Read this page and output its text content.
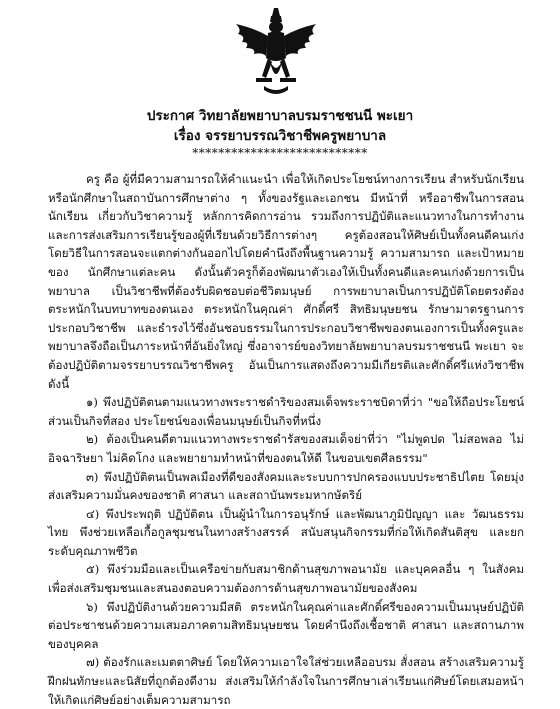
ประกาศ วิทยาลัยพยาบาลบรมราชชนนี พะเยา
เรื่อง จรรยาบรรณวิชาชีพครูพยาบาล
***************************

ครู คือ ผู้ที่มีความสามารถให้คำแนะนำ เพื่อให้เกิดประโยชน์ทางการเรียน สำหรับนักเรียน หรือนักศึกษาในสถาบันการศึกษาต่าง ๆ ทั้งของรัฐและเอกชน มีหน้าที่ หรืออาชีพในการสอนนักเรียน เกี่ยวกับวิชาความรู้ หลักการคิดการอ่าน รวมถึงการปฏิบัติและแนวทางในการทำงาน และการส่งเสริมการเรียนรู้ของผู้ที่เรียนด้วยวิธีการต่างๆ ครูต้องสอนให้ศิษย์เป็นทั้งคนดีคนเก่ง โดยวิธีในการสอนจะแตกต่างกันออกไปโดยคำนึงถึงพื้นฐานความรู้ ความสามารถ และเป้าหมายของ นักศึกษาแต่ละคน ดังนั้นตัวครูก็ต้องพัฒนาตัวเองให้เป็นทั้งคนดีและคนเก่งด้วยการเป็นพยาบาล เป็นวิชาชีพที่ต้องรับผิดชอบต่อชีวิตมนุษย์ การพยาบาลเป็นการปฏิบัติโดยตรงต้องตระหนักในบทบาทของตนเอง ตระหนักในคุณค่า ศักดิ์ศรี สิทธิมนุษยชน รักษามาตรฐานการประกอบวิชาชีพ และธำรงไว้ซึ่งอันชอบธรรมในการประกอบวิชาชีพของตนเองการเป็นทั้งครูและพยาบาลจึงถือเป็นภาระหน้าที่อันยิ่งใหญ่ ซึ่งอาจารย์ของวิทยาลัยพยาบาลบรมราชชนนี พะเยา จะต้องปฏิบัติตามจรรยาบรรณวิชาชีพครู อันเป็นการแสดงถึงความมีเกียรติและศักดิ์ศรีแห่งวิชาชีพ ดังนี้

๑) พึงปฏิบัติตนตามแนวทางพระราชดำริของสมเด็จพระราชบิดาที่ว่า "ขอให้ถือประโยชน์ส่วนเป็นกิจที่สอง ประโยชน์ของเพื่อนมนุษย์เป็นกิจที่หนึ่ง

๒) ต้องเป็นคนดีตามแนวทางพระราชดำรัสของสมเด็จย่าที่ว่า "ไม่พูดปด ไม่สอพลอ ไม่อิจฉาริษยา ไม่คิดโกง และพยายามทำหน้าที่ของตนให้ดี ในขอบเขตศีลธรรม"

๓) พึงปฏิบัติตนเป็นพลเมืองที่ดีของสังคมและระบบการปกครองแบบประชาธิปไตย โดยมุ่งส่งเสริมความมั่นคงของชาติ ศาสนา และสถาบันพระมหากษัตริย์

๔) พึงประพฤติ ปฏิบัติตน เป็นผู้นำในการอนุรักษ์ และพัฒนาภูมิปัญญา และ วัฒนธรรมไทย พึงช่วยเหลือเกื้อกูลชุมชนในทางสร้างสรรค์ สนับสนุนกิจกรรมที่ก่อให้เกิดสันติสุข และยกระดับคุณภาพชีวิต

๕) พึงร่วมมือและเป็นเครือข่ายกับสมาชิกด้านสุขภาพอนามัย และบุคคลอื่น ๆ ในสังคม เพื่อส่งเสริมชุมชนและสนองตอบความต้องการด้านสุขภาพอนามัยของสังคม

๖) พึงปฏิบัติงานด้วยความมีสติ ตระหนักในคุณค่าและศักดิ์ศรีของความเป็นมนุษย์ปฏิบัติต่อประชาชนด้วยความเสมอภาคตามสิทธิมนุษยชน โดยคำนึงถึงเชื้อชาติ ศาสนา และสถานภาพของบุคคล

๗) ต้องรักและเมตตาศิษย์ โดยให้ความเอาใจใส่ช่วยเหลืออบรม สั่งสอน สร้างเสริมความรู้ ฝึกฝนทักษะและนิสัยที่ถูกต้องดีงาม ส่งเสริมให้กำลังใจในการศึกษาเล่าเรียนแก่ศิษย์โดยเสมอหน้า ให้เกิดแก่ศิษย์อย่างเต็มความสามารถ
